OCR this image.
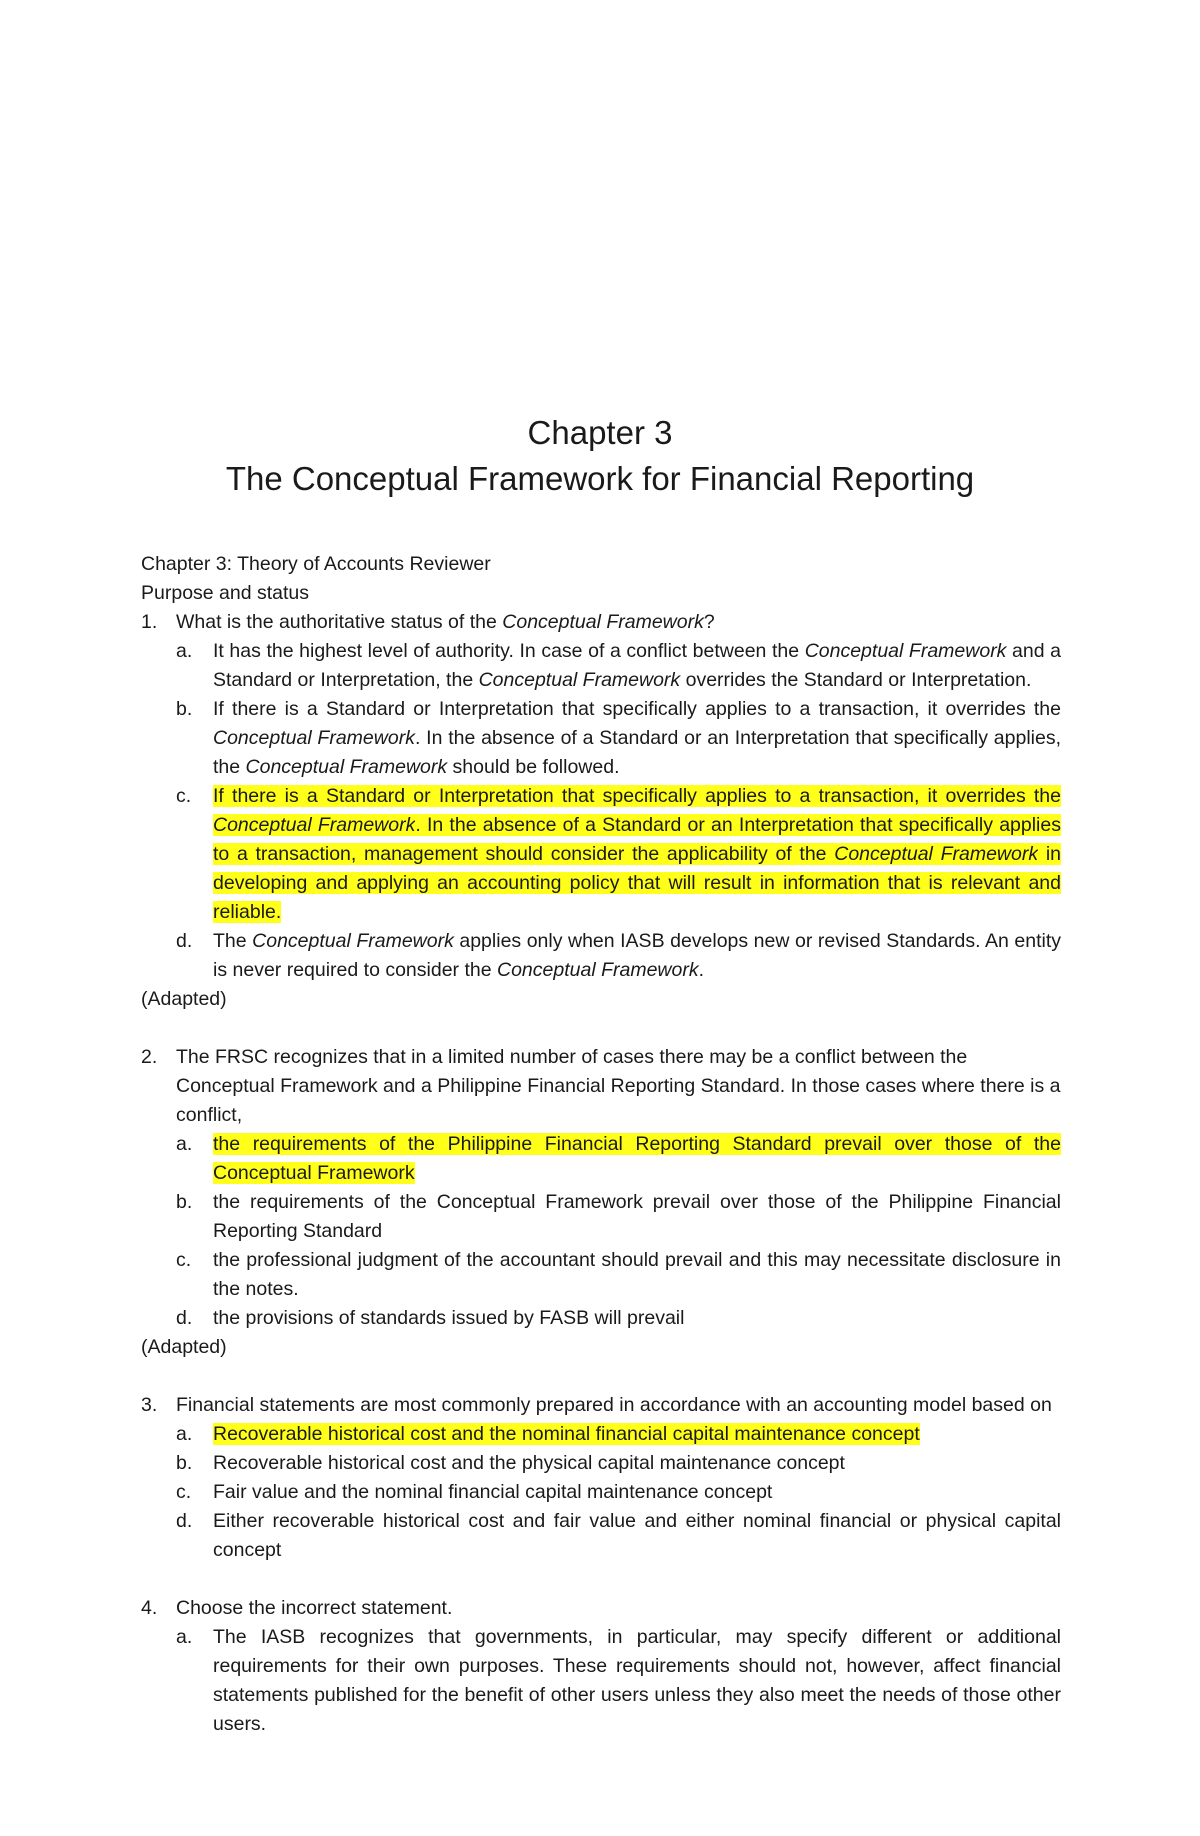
Chapter 3
The Conceptual Framework for Financial Reporting

Chapter 3: Theory of Accounts Reviewer

Purpose and status

1. What is the authoritative status of the Conceptual Framework?
a.	It has the highest level of authority. In case of a conflict between the Conceptual Framework and a Standard or Interpretation, the Conceptual Framework overrides the Standard or Interpretation.
b.	If there is a Standard or Interpretation that specifically applies to a transaction, it overrides the Conceptual Framework. In the absence of a Standard or an Interpretation that specifically applies, the Conceptual Framework should be followed.
c.	If there is a Standard or Interpretation that specifically applies to a transaction, it overrides the Conceptual Framework. In the absence of a Standard or an Interpretation that specifically applies to a transaction, management should consider the applicability of the Conceptual Framework in developing and applying an accounting policy that will result in information that is relevant and reliable.
d.	The Conceptual Framework applies only when IASB develops new or revised Standards. An entity is never required to consider the Conceptual Framework.

(Adapted)

2. The FRSC recognizes that in a limited number of cases there may be a conflict between the Conceptual Framework and a Philippine Financial Reporting Standard. In those cases where there is a conflict,
a.	the requirements of the Philippine Financial Reporting Standard prevail over those of the Conceptual Framework
b.	the requirements of the Conceptual Framework prevail over those of the Philippine Financial Reporting Standard
c.	the professional judgment of the accountant should prevail and this may necessitate disclosure in the notes.
d.	the provisions of standards issued by FASB will prevail

(Adapted)

3. Financial statements are most commonly prepared in accordance with an accounting model based on
a.	Recoverable historical cost and the nominal financial capital maintenance concept
b.	Recoverable historical cost and the physical capital maintenance concept
c.	Fair value and the nominal financial capital maintenance concept
d.	Either recoverable historical cost and fair value and either nominal financial or physical capital concept
4. Choose the incorrect statement.
a.	The IASB recognizes that governments, in particular, may specify different or additional requirements for their own purposes. These requirements should not, however, affect financial statements published for the benefit of other users unless they also meet the needs of those other users.
